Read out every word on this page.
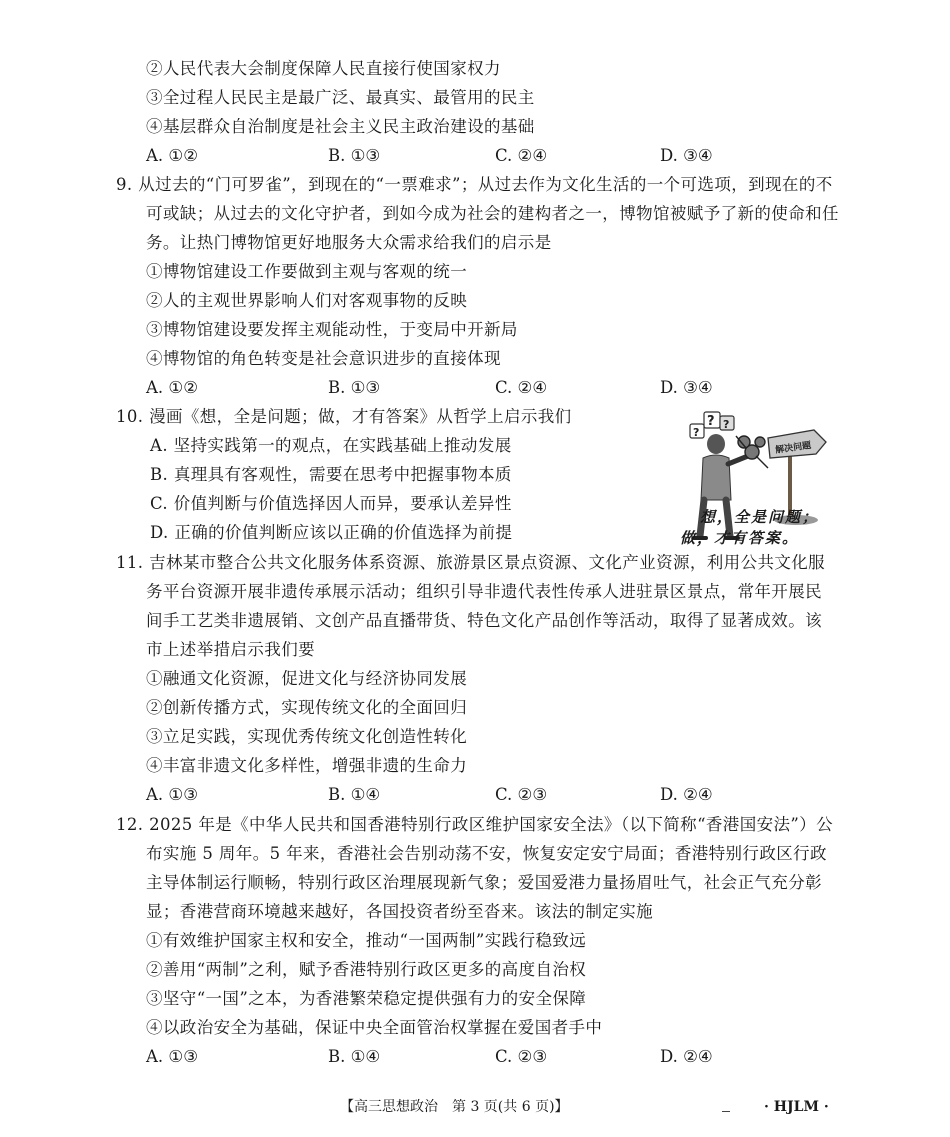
②人民代表大会制度保障人民直接行使国家权力
③全过程人民民主是最广泛、最真实、最管用的民主
④基层群众自治制度是社会主义民主政治建设的基础
A. ①②	B. ①③	C. ②④	D. ③④
9. 从过去的“门可罗雀”，到现在的“一票难求”；从过去作为文化生活的一个可选项，到现在的不
可或缺；从过去的文化守护者，到如今成为社会的建构者之一，博物馆被赋予了新的使命和任
务。让热门博物馆更好地服务大众需求给我们的启示是
①博物馆建设工作要做到主观与客观的统一
②人的主观世界影响人们对客观事物的反映
③博物馆建设要发挥主观能动性，于变局中开新局
④博物馆的角色转变是社会意识进步的直接体现
A. ①②	B. ①③	C. ②④	D. ③④
10. 漫画《想，全是问题；做，才有答案》从哲学上启示我们
A. 坚持实践第一的观点，在实践基础上推动发展
B. 真理具有客观性，需要在思考中把握事物本质
C. 价值判断与价值选择因人而异，要承认差异性
D. 正确的价值判断应该以正确的价值选择为前提
? ?
?
解决问题
想，全是问题；
做，才有答案。
11. 吉林某市整合公共文化服务体系资源、旅游景区景点资源、文化产业资源，利用公共文化服
务平台资源开展非遗传承展示活动；组织引导非遗代表性传承人进驻景区景点，常年开展民
间手工艺类非遗展销、文创产品直播带货、特色文化产品创作等活动，取得了显著成效。该
市上述举措启示我们要
①融通文化资源，促进文化与经济协同发展
②创新传播方式，实现传统文化的全面回归
③立足实践，实现优秀传统文化创造性转化
④丰富非遗文化多样性，增强非遗的生命力
A. ①③	B. ①④	C. ②③	D. ②④
12. 2025 年是《中华人民共和国香港特别行政区维护国家安全法》（以下简称“香港国安法”）公
布实施 5 周年。5 年来，香港社会告别动荡不安，恢复安定安宁局面；香港特别行政区行政
主导体制运行顺畅，特别行政区治理展现新气象；爱国爱港力量扬眉吐气，社会正气充分彰
显；香港营商环境越来越好，各国投资者纷至沓来。该法的制定实施
①有效维护国家主权和安全，推动“一国两制”实践行稳致远
②善用“两制”之利，赋予香港特别行政区更多的高度自治权
③坚守“一国”之本，为香港繁荣稳定提供强有力的安全保障
④以政治安全为基础，保证中央全面管治权掌握在爱国者手中
A. ①③	B. ①④	C. ②③	D. ②④
【高三思想政治　第 3 页(共 6 页)】	· HJLM ·
